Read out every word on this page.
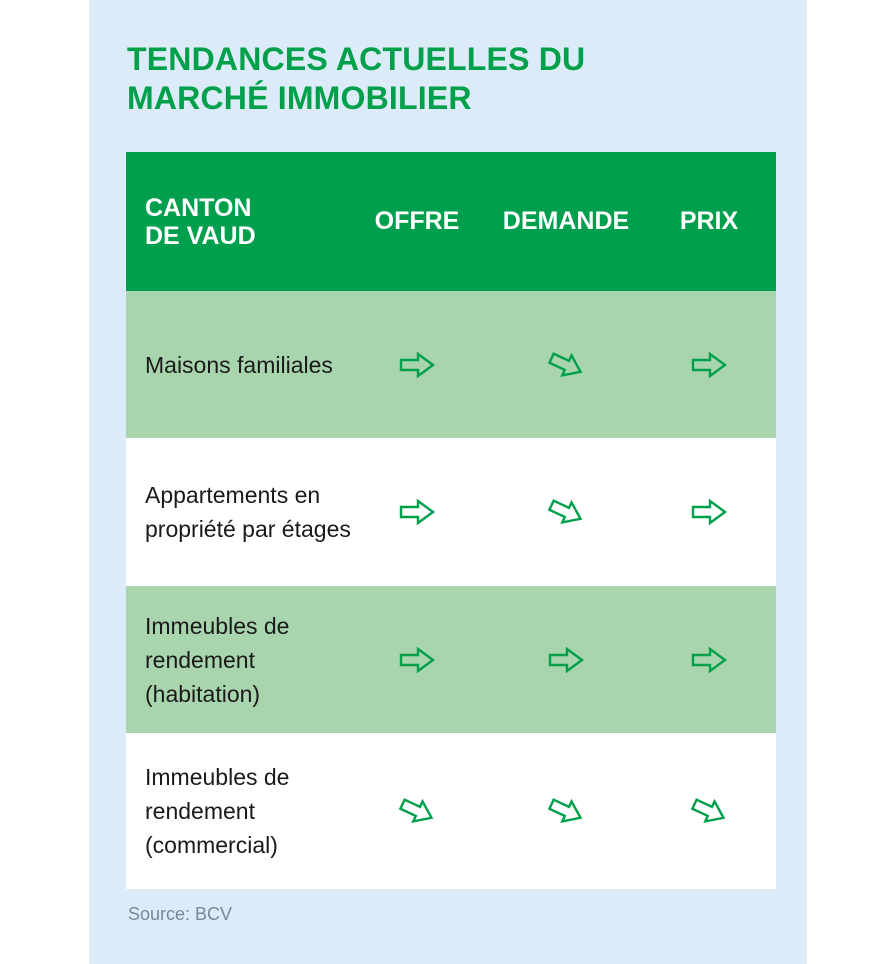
TENDANCES ACTUELLES DU
MARCHÉ IMMOBILIER
CANTON
DE VAUD
OFFRE	DEMANDE	PRIX
Maisons familiales
Appartements en
propriété par étages
Immeubles de
rendement
(habitation)
Immeubles de
rendement
(commercial)
Source: BCV
